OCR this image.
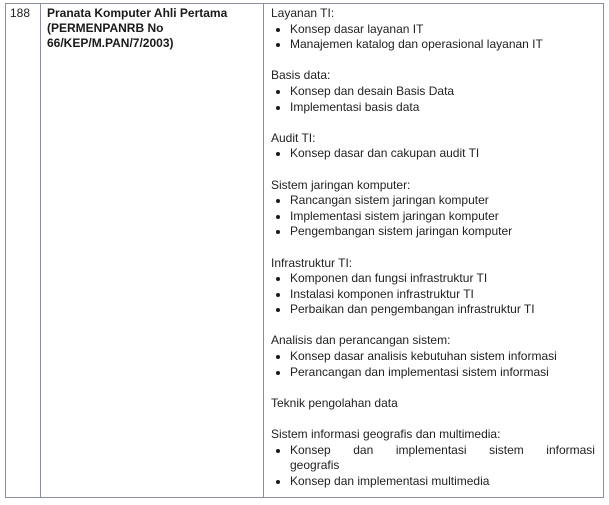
188	Pranata Komputer Ahli Pertama
(PERMENPANRB No
66/KEP/M.PAN/7/2003)
Layanan TI:
Konsep dasar layanan IT
Manajemen katalog dan operasional layanan IT
Basis data:
Konsep dan desain Basis Data
Implementasi basis data
Audit TI:
Konsep dasar dan cakupan audit TI
Sistem jaringan komputer:
Rancangan sistem jaringan komputer
Implementasi sistem jaringan komputer
Pengembangan sistem jaringan komputer
Infrastruktur TI:
Komponen dan fungsi infrastruktur TI
Instalasi komponen infrastruktur TI
Perbaikan dan pengembangan infrastruktur TI
Analisis dan perancangan sistem:
Konsep dasar analisis kebutuhan sistem informasi
Perancangan dan implementasi sistem informasi
Teknik pengolahan data
Sistem informasi geografis dan multimedia:
Konsep dan implementasi sistem informasi
geografis
Konsep dan implementasi multimedia
